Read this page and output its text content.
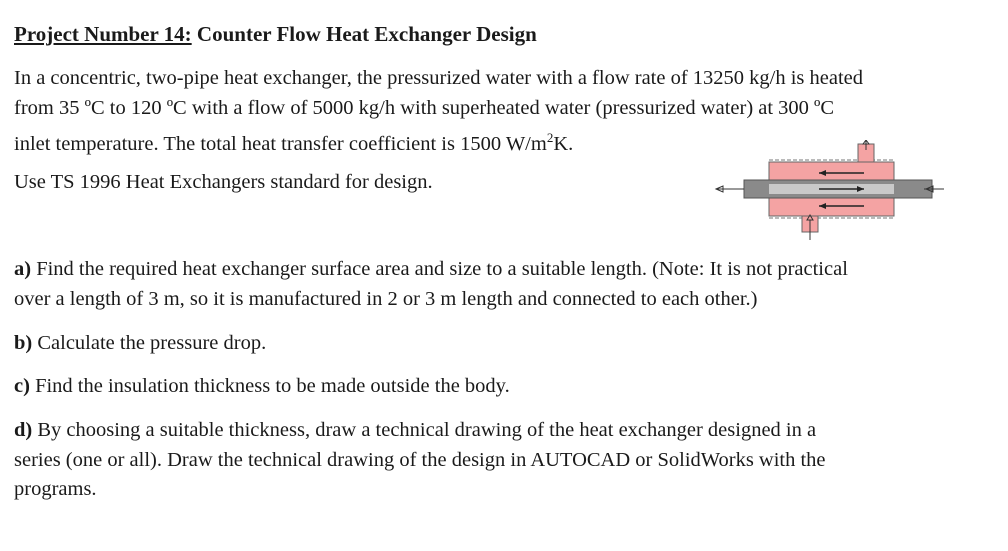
Project Number 14: Counter Flow Heat Exchanger Design
In a concentric, two-pipe heat exchanger, the pressurized water with a flow rate of 13250 kg/h is heated
from 35 ºC to 120 ºC with a flow of 5000 kg/h with superheated water (pressurized water) at 300 ºC
inlet temperature. The total heat transfer coefficient is 1500 $W/m^2K$.
Use TS 1996 Heat Exchangers standard for design.
a) Find the required heat exchanger surface area and size to a suitable length. (Note: It is not practical
over a length of 3 m, so it is manufactured in 2 or 3 m length and connected to each other.)
b) Calculate the pressure drop.
c) Find the insulation thickness to be made outside the body.
d) By choosing a suitable thickness, draw a technical drawing of the heat exchanger designed in a
series (one or all). Draw the technical drawing of the design in AUTOCAD or SolidWorks with the
programs.
